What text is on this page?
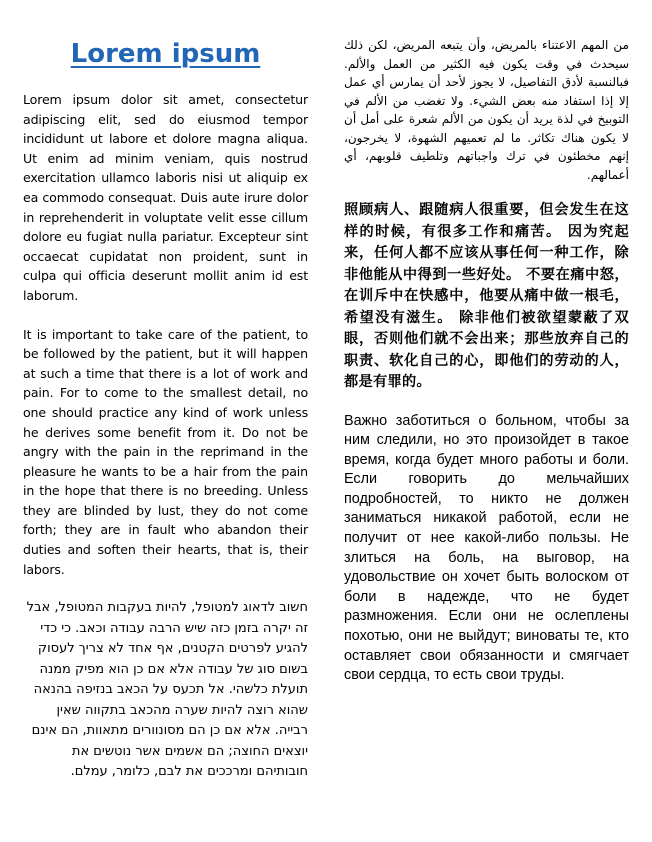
Lorem ipsum

Lorem ipsum dolor sit amet, consectetur adipiscing elit, sed do eiusmod tempor incididunt ut labore et dolore magna aliqua. Ut enim ad minim veniam, quis nostrud exercitation ullamco laboris nisi ut aliquip ex ea commodo consequat. Duis aute irure dolor in reprehenderit in voluptate velit esse cillum dolore eu fugiat nulla pariatur. Excepteur sint occaecat cupidatat non proident, sunt in culpa qui officia deserunt mollit anim id est laborum.

It is important to take care of the patient, to be followed by the patient, but it will happen at such a time that there is a lot of work and pain. For to come to the smallest detail, no one should practice any kind of work unless he derives some benefit from it. Do not be angry with the pain in the reprimand in the pleasure he wants to be a hair from the pain in the hope that there is no breeding. Unless they are blinded by lust, they do not come forth; they are in fault who abandon their duties and soften their hearts, that is, their labors.

חשוב לדאוג למטופל, להיות בעקבות המטופל, אבל זה יקרה בזמן כזה שיש הרבה עבודה וכאב. כי כדי להגיע לפרטים הקטנים, אף אחד לא צריך לעסוק בשום סוג של עבודה אלא אם כן הוא מפיק ממנה תועלת כלשהי. אל תכעס על הכאב בנזיפה בהנאה שהוא רוצה להיות שערה מהכאב בתקווה שאין רבייה. אלא אם כן הם מסונוורים מתאוות, הם אינם יוצאים החוצה; הם אשמים אשר נוטשים את חובותיהם ומרככים את לבם, כלומר, עמלם.

من المهم الاعتناء بالمريض، وأن يتبعه المريض، لكن ذلك سيحدث في وقت يكون فيه الكثير من العمل والألم. فبالنسبة لأدق التفاصيل، لا يجوز لأحد أن يمارس أي عمل إلا إذا استفاد منه بعض الشيء. ولا تغضب من الألم في التوبيخ في لذة يريد أن يكون من الألم شعرة على أمل أن لا يكون هناك تكاثر. ما لم تعميهم الشهوة، لا يخرجون، إنهم مخطئون في ترك واجباتهم وتلطيف قلوبهم، أي أعمالهم.

照顾病人、跟随病人很重要，但会发生在这样的时候，有很多工作和痛苦。 因为究起来，任何人都不应该从事任何一种工作，除非他能从中得到一些好处。 不要在痛中怒，在训斥中在快感中，他要从痛中做一根毛，希望没有滋生。 除非他们被欲望蒙蔽了双眼，否则他们就不会出来；那些放弃自己的职责、软化自己的心，即他们的劳动的人，都是有罪的。

Важно заботиться о больном, чтобы за ним следили, но это произойдет в такое время, когда будет много работы и боли. Если говорить до мельчайших подробностей, то никто не должен заниматься никакой работой, если не получит от нее какой-либо пользы. Не злиться на боль, на выговор, на удовольствие он хочет быть волоском от боли в надежде, что не будет размножения. Если они не ослеплены похотью, они не выйдут; виноваты те, кто оставляет свои обязанности и смягчает свои сердца, то есть свои труды.
